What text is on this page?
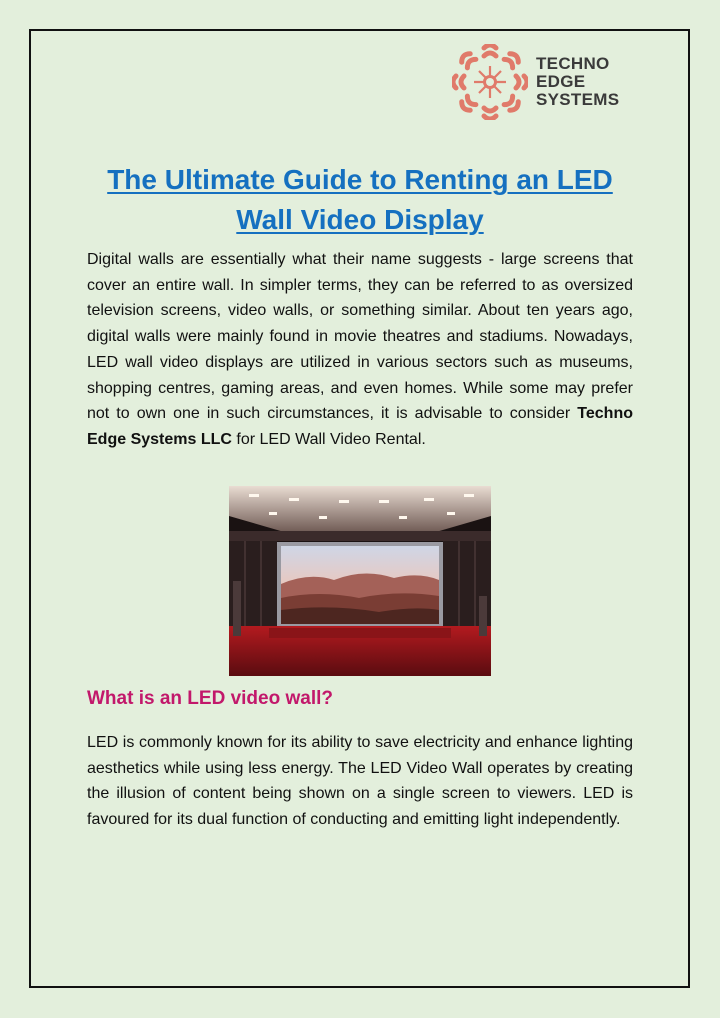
TECHNO
EDGE
SYSTEMS
The Ultimate Guide to Renting an LED
Wall Video Display

Digital walls are essentially what their name suggests - large screens that cover an entire wall. In simpler terms, they can be referred to as oversized television screens, video walls, or something similar. About ten years ago, digital walls were mainly found in movie theatres and stadiums. Nowadays, LED wall video displays are utilized in various sectors such as museums, shopping centres, gaming areas, and even homes. While some may prefer not to own one in such circumstances, it is advisable to consider Techno Edge Systems LLC for LED Wall Video Rental.

What is an LED video wall?

LED is commonly known for its ability to save electricity and enhance lighting aesthetics while using less energy. The LED Video Wall operates by creating the illusion of content being shown on a single screen to viewers. LED is favoured for its dual function of conducting and emitting light independently.
